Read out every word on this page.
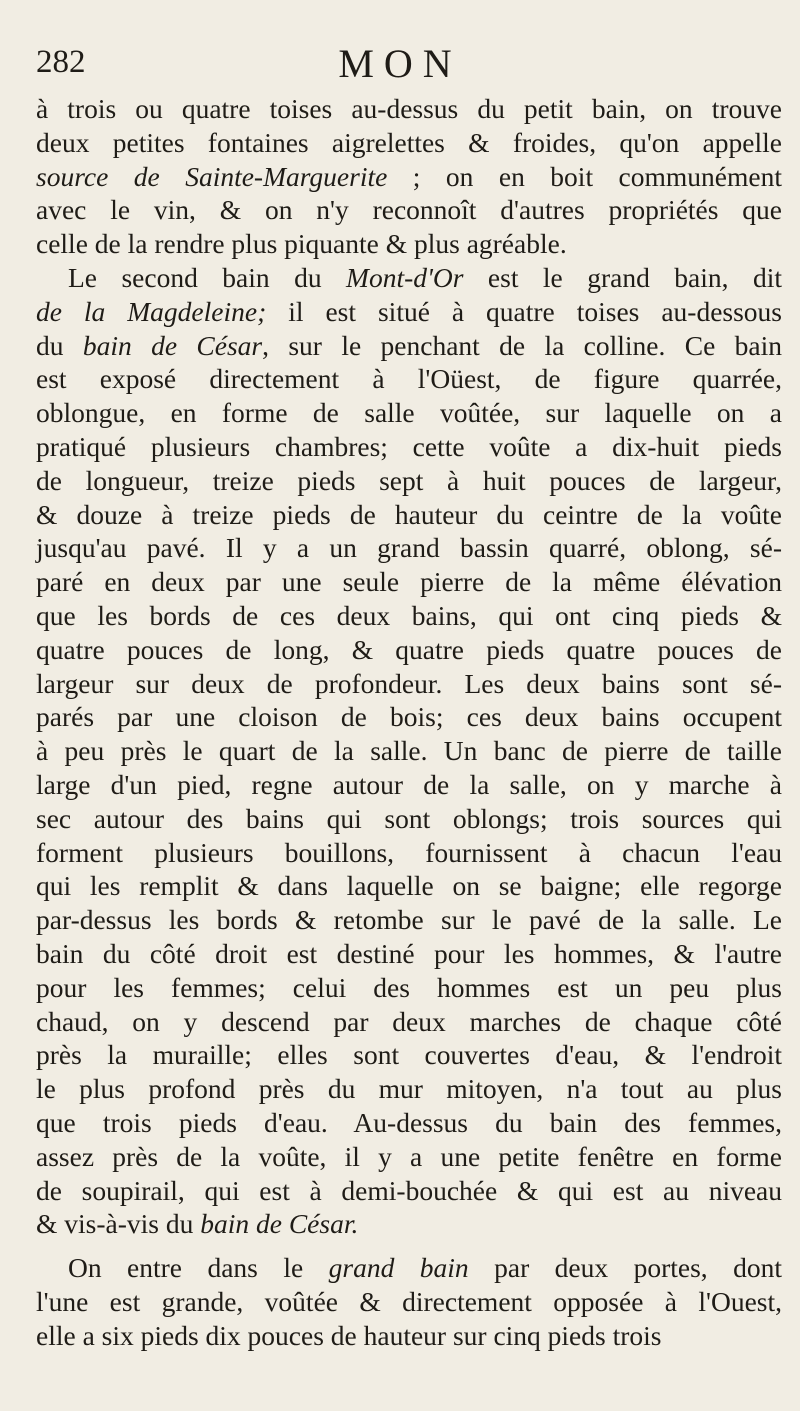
282	MON
à trois ou quatre toises au-dessus du petit bain, on trouve
deux petites fontaines aigrelettes & froides, qu'on appelle
source de Sainte-Marguerite ; on en boit communément
avec le vin, & on n'y reconnoît d'autres propriétés que
celle de la rendre plus piquante & plus agréable.
Le second bain du Mont-d'Or est le grand bain, dit
de la Magdeleine; il est situé à quatre toises au-dessous
du bain de César, sur le penchant de la colline. Ce bain
est exposé directement à l'Oüest, de figure quarrée,
oblongue, en forme de salle voûtée, sur laquelle on a
pratiqué plusieurs chambres; cette voûte a dix-huit pieds
de longueur, treize pieds sept à huit pouces de largeur,
& douze à treize pieds de hauteur du ceintre de la voûte
jusqu'au pavé. Il y a un grand bassin quarré, oblong, sé-
paré en deux par une seule pierre de la même élévation
que les bords de ces deux bains, qui ont cinq pieds &
quatre pouces de long, & quatre pieds quatre pouces de
largeur sur deux de profondeur. Les deux bains sont sé-
parés par une cloison de bois; ces deux bains occupent
à peu près le quart de la salle. Un banc de pierre de taille
large d'un pied, regne autour de la salle, on y marche à
sec autour des bains qui sont oblongs; trois sources qui
forment plusieurs bouillons, fournissent à chacun l'eau
qui les remplit & dans laquelle on se baigne; elle regorge
par-dessus les bords & retombe sur le pavé de la salle. Le
bain du côté droit est destiné pour les hommes, & l'autre
pour les femmes; celui des hommes est un peu plus
chaud, on y descend par deux marches de chaque côté
près la muraille; elles sont couvertes d'eau, & l'endroit
le plus profond près du mur mitoyen, n'a tout au plus
que trois pieds d'eau. Au-dessus du bain des femmes,
assez près de la voûte, il y a une petite fenêtre en forme
de soupirail, qui est à demi-bouchée & qui est au niveau
& vis-à-vis du bain de César.
On entre dans le grand bain par deux portes, dont
l'une est grande, voûtée & directement opposée à l'Ouest,
elle a six pieds dix pouces de hauteur sur cinq pieds trois
